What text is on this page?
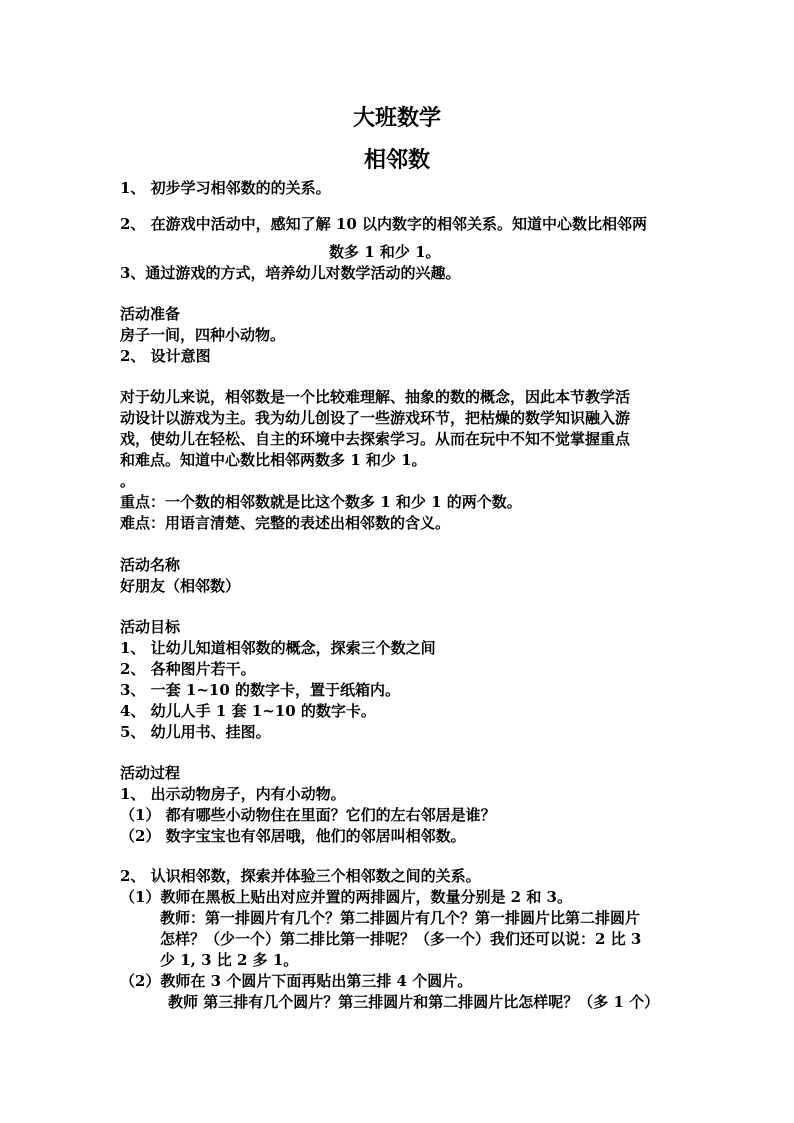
大班数学
相邻数
1、 初步学习相邻数的的关系。
2、 在游戏中活动中，感知了解 10 以内数字的相邻关系。知道中心数比相邻两
数多 1 和少 1。
3、通过游戏的方式，培养幼儿对数学活动的兴趣。
活动准备
房子一间，四种小动物。
2、 设计意图
对于幼儿来说，相邻数是一个比较难理解、抽象的数的概念，因此本节教学活
动设计以游戏为主。我为幼儿创设了一些游戏环节，把枯燥的数学知识融入游
戏，使幼儿在轻松、自主的环境中去探索学习。从而在玩中不知不觉掌握重点
和难点。知道中心数比相邻两数多 1 和少 1。
。
重点：一个数的相邻数就是比这个数多 1 和少 1 的两个数。
难点：用语言清楚、完整的表述出相邻数的含义。
活动名称
好朋友（相邻数）
活动目标
1、 让幼儿知道相邻数的概念，探索三个数之间
2、 各种图片若干。
3、 一套 1~10 的数字卡，置于纸箱内。
4、 幼儿人手 1 套 1~10 的数字卡。
5、 幼儿用书、挂图。
活动过程
1、 出示动物房子，内有小动物。
（1） 都有哪些小动物住在里面？它们的左右邻居是谁？
（2） 数字宝宝也有邻居哦，他们的邻居叫相邻数。
2、 认识相邻数，探索并体验三个相邻数之间的关系。
（1）教师在黑板上贴出对应并置的两排圆片，数量分别是 2 和 3。
教师：第一排圆片有几个？第二排圆片有几个？第一排圆片比第二排圆片
怎样？（少一个）第二排比第一排呢？（多一个）我们还可以说：2 比 3
少 1, 3 比 2 多 1。
（2）教师在 3 个圆片下面再贴出第三排 4 个圆片。
教师 第三排有几个圆片？第三排圆片和第二排圆片比怎样呢？（多 1 个）
